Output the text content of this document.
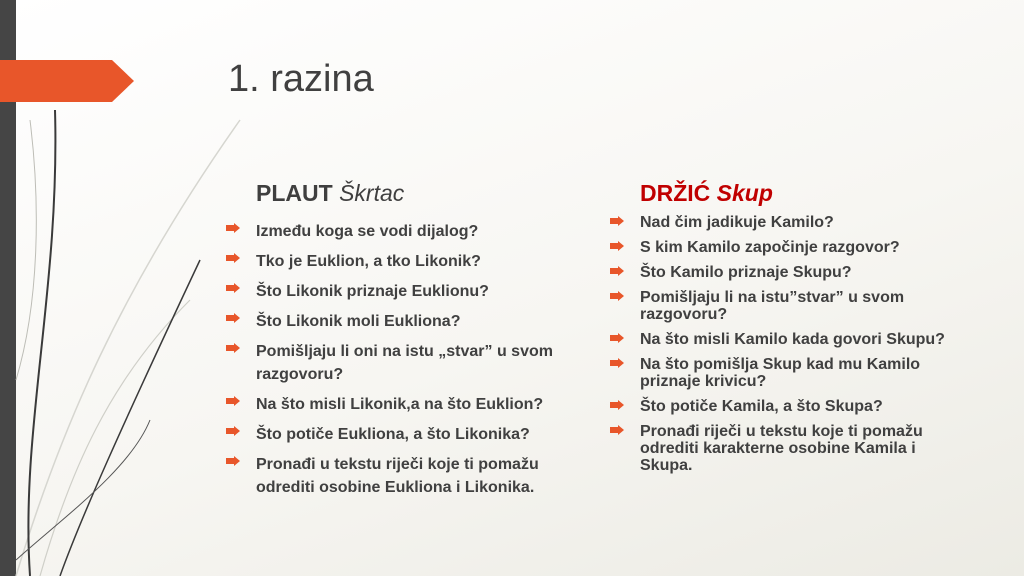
1. razina
PLAUT Škrtac
Između koga se vodi dijalog?
Tko je Euklion, a tko Likonik?
Što Likonik priznaje Euklionu?
Što Likonik moli Eukliona?
Pomišljaju li oni na istu „stvar” u svom razgovoru?
Na što misli Likonik,a na što Euklion?
Što potiče Eukliona, a što Likonika?
Pronađi u tekstu riječi koje ti pomažu odrediti osobine Eukliona i Likonika.
DRŽIĆ Skup
Nad čim jadikuje Kamilo?
S kim Kamilo započinje razgovor?
Što Kamilo priznaje Skupu?
Pomišljaju li na istu”stvar” u svom razgovoru?
Na što misli Kamilo kada govori Skupu?
Na što pomišlja Skup kad mu Kamilo priznaje krivicu?
Što potiče Kamila, a što Skupa?
Pronađi riječi u tekstu koje ti pomažu odrediti karakterne osobine Kamila i Skupa.
